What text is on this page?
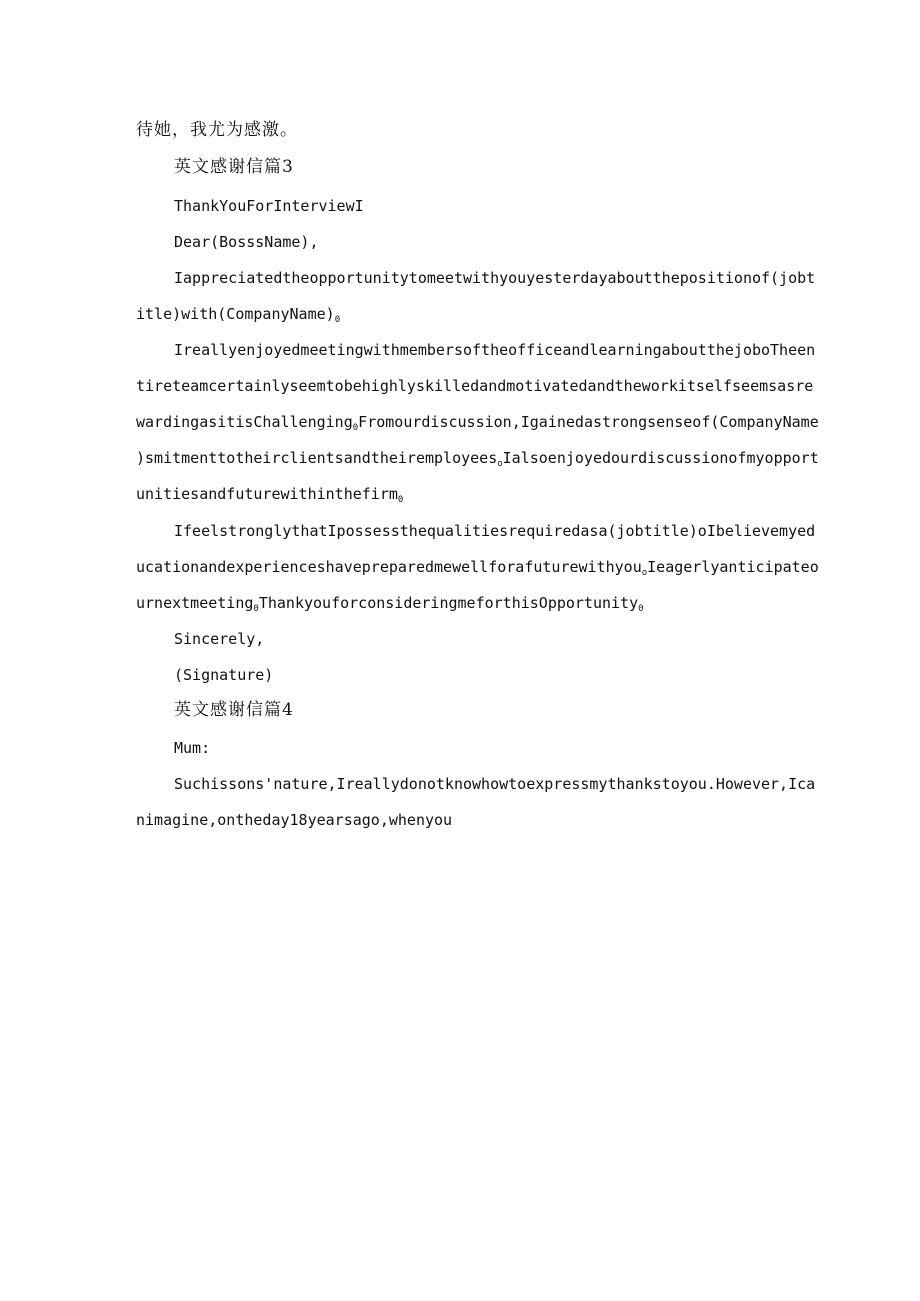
待她，我尤为感激。

英文感谢信篇3

ThankYouForInterviewI

Dear(BosssName),

Iappreciatedtheopportunitytomeetwithyouyesterdayaboutthepositionof(jobt

$itle)with(CompanyName)_0$

IreallyenjoyedmeetingwithmembersoftheofficeandlearningaboutthejoboTheen

tireteamcertainlyseemtobehighlyskilledandmotivatedandtheworkitselfseemsasre

wardingasitisChallenging$_0$Fromourdiscussion,Igainedastrongsenseof(CompanyName

)smitmenttotheirclientsandtheiremployees$_o$Ialsoenjoyedourdiscussionofmyopport

unitiesandfuturewithinthefirm$_0$

IfeelstronglythatIpossessthequalitiesrequiredasa(jobtitle)oIbelievemyed

ucationandexperienceshavepreparedmewellforafuturewithyou$_o$Ieagerlyanticipateo

urnextmeeting$_0$ThankyouforconsideringmeforthisOpportunity$_0$

Sincerely,

(Signature)

英文感谢信篇4

Mum:

Suchissons'nature,Ireallydonotknowhowtoexpressmythankstoyou.However,Ica

nimagine,ontheday18yearsago,whenyou
